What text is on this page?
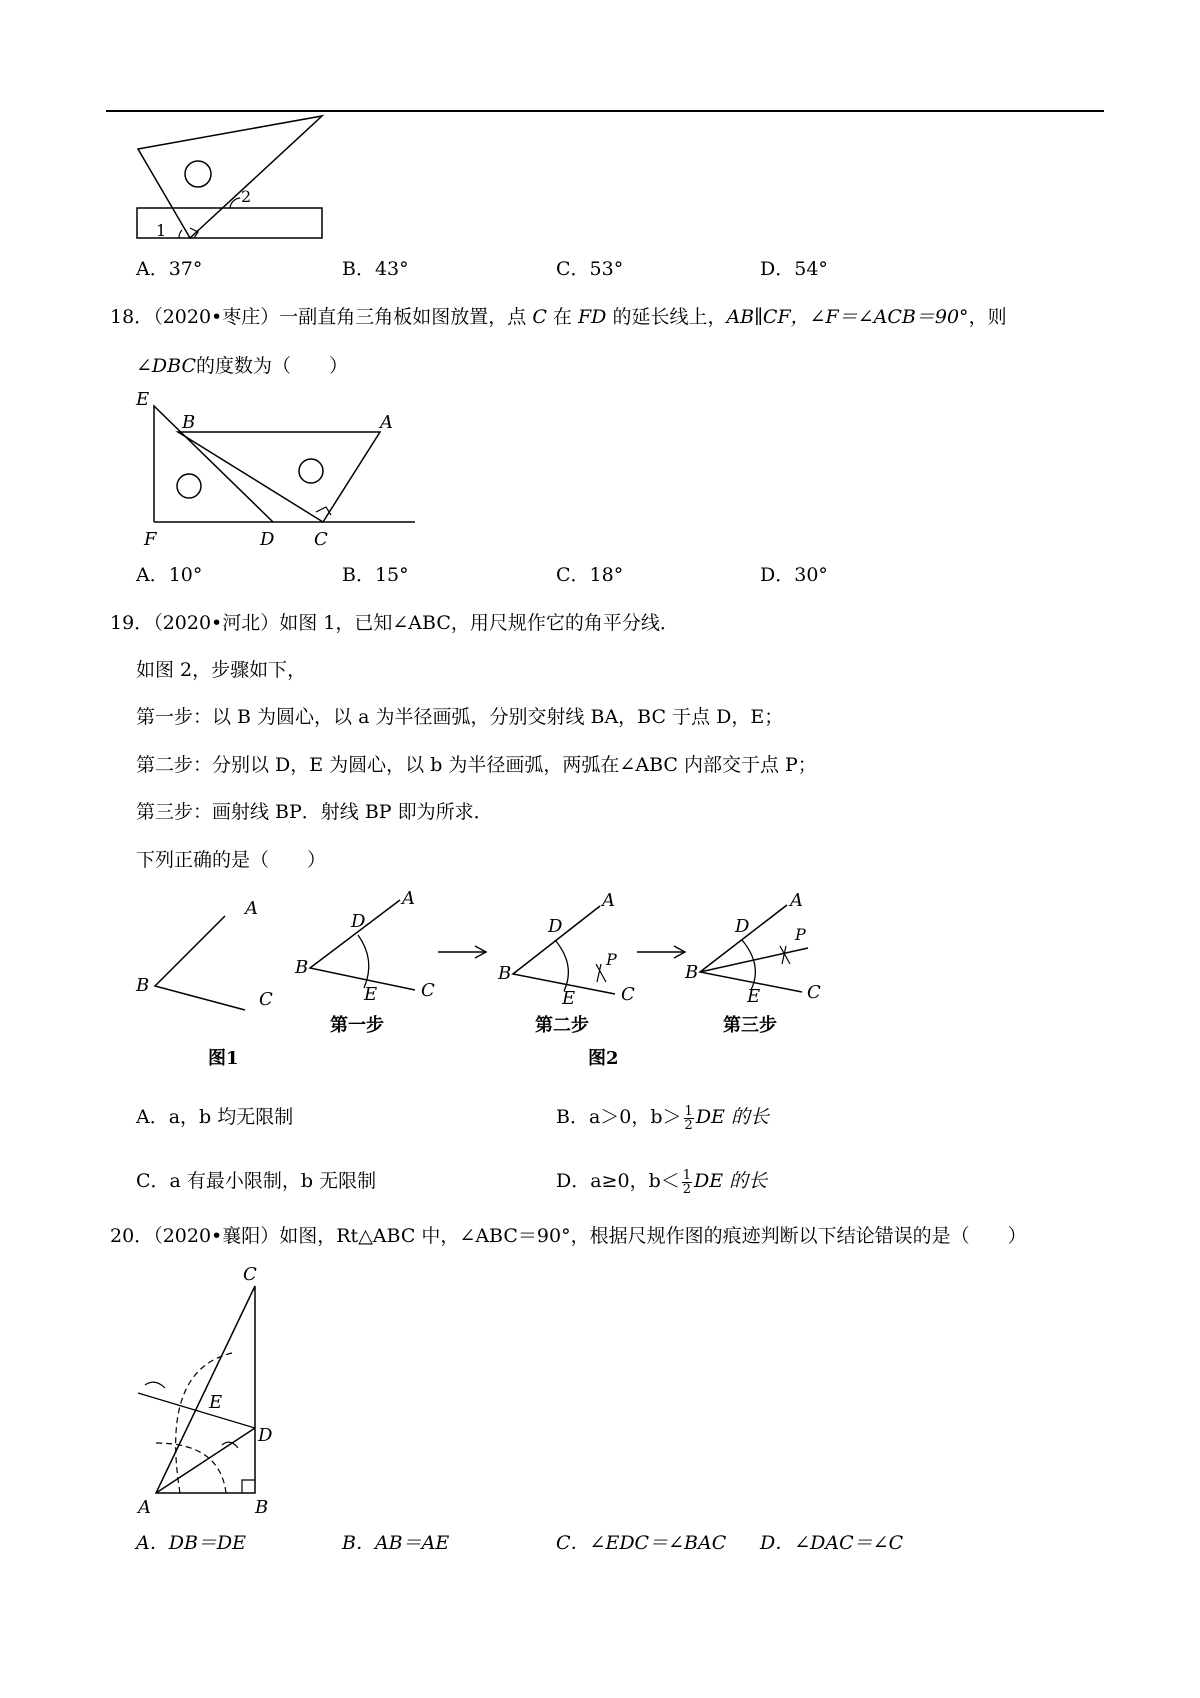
1
2
A．37°	B．43°	C．53°	D．54°
18．（2020•枣庄）一副直角三角板如图放置，点 C 在 FD 的延长线上，AB∥CF，∠F＝∠ACB＝90°，则
∠DBC的度数为（　　）
E
B	A
F	D C
A．10°	B．15°	C．18°	D．30°
19．（2020•河北）如图 1，已知∠ABC，用尺规作它的角平分线．
如图 2，步骤如下，
第一步：以 B 为圆心，以 a 为半径画弧，分别交射线 BA，BC 于点 D，E；
第二步：分别以 D，E 为圆心，以 b 为半径画弧，两弧在∠ABC 内部交于点 P；
第三步：画射线 BP．射线 BP 即为所求．
下列正确的是（　　）
A
B
C
A
D
B
E C
A
D
P
B
E	C
A
D	P
B
E	C
第一步	第二步	第三步
图1	图2
A．a，b 均无限制	B．a＞0，$b> \frac{1}{2}$ DE 的长
C．a 有最小限制，b 无限制	D．a≥0，$b< \frac{1}{2}$ DE 的长
20．（2020•襄阳）如图，Rt△ABC 中，∠ABC＝90°，根据尺规作图的痕迹判断以下结论错误的是（　　）
C
E
D
A	B
A．DB＝DE	B．AB＝AE	C．∠EDC＝∠BAC D．∠DAC＝∠C
